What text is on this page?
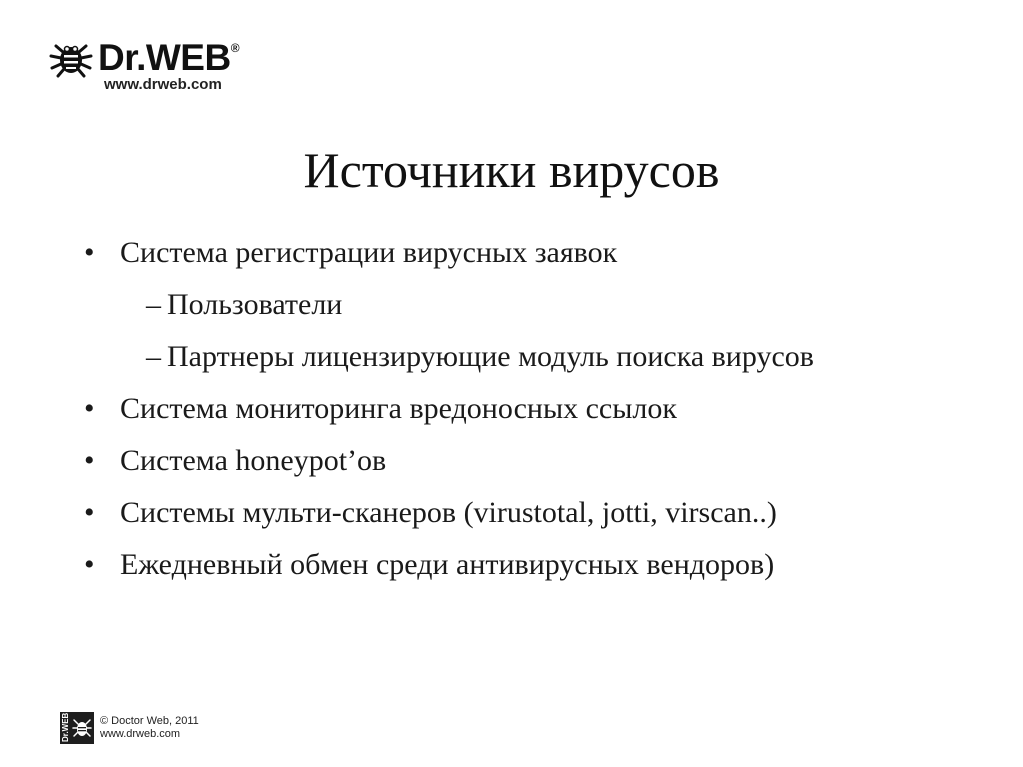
Dr.WEB®
www.drweb.com
Источники вирусов
• Система регистрации вирусных заявок
– Пользователи
– Партнеры лицензирующие модуль поиска вирусов
• Система мониторинга вредоносных ссылок
• Система honeypot’ов
• Системы мульти-сканеров (virustotal, jotti, virscan..)
• Ежедневный обмен среди антивирусных вендоров)
Dr.WEB	© Doctor Web, 2011
www.drweb.com
